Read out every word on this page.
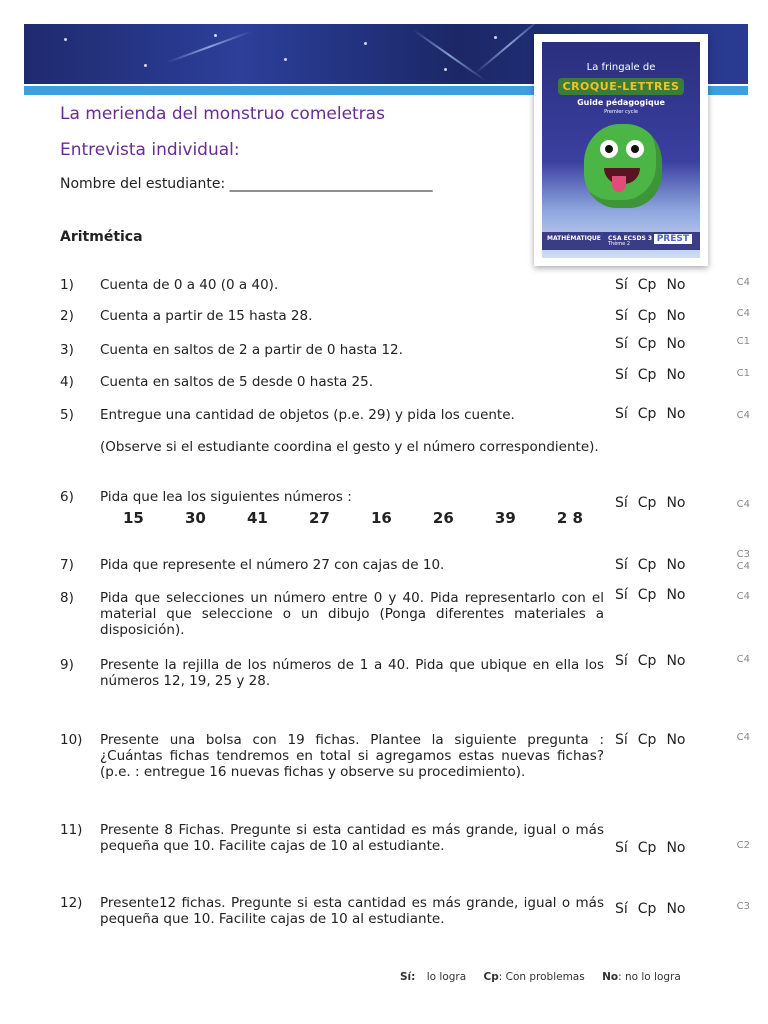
La fringale de
CROQUE-LETTRES
Guide pédagogique
Premier cycle
MATHÉMATIQUE CSA ECSDS 3
Thème 2	PREST
La merienda del monstruo comeletras
Entrevista individual:
Nombre del estudiante: _____________________________
Aritmética
1) Cuenta de 0 a 40 (0 a 40).	Sí Cp No	C4
2) Cuenta a partir de 15 hasta 28.	Sí Cp No	C4
3) Cuenta en saltos de 2 a partir de 0 hasta 12.	Sí Cp No	C1
4) Cuenta en saltos de 5 desde 0 hasta 25.	Sí Cp No	C1
5) Entregue una cantidad de objetos (p.e. 29) y pida los cuente.	Sí Cp No	C4
(Observe si el estudiante coordina el gesto y el número correspondiente).
6) Pida que lea los siguientes números :
15	30	41	27	16	26	39	2 8
Sí Cp No	C4
7) Pida que represente el número 27 con cajas de 10.	Sí Cp No
C3 C4
8) Pida que selecciones un número entre 0 y 40. Pida representarlo con el material que seleccione o un dibujo (Ponga diferentes materiales a disposición).
Sí Cp No	C4
9) Presente la rejilla de los números de 1 a 40. Pida que ubique en ella los números 12, 19, 25 y 28.
Sí Cp No	C4
10) Presente una bolsa con 19 fichas. Plantee la siguiente pregunta : ¿Cuántas fichas tendremos en total si agregamos estas nuevas fichas? (p.e. : entregue 16 nuevas fichas y observe su procedimiento).
Sí Cp No	C4
11) Presente 8 Fichas. Pregunte si esta cantidad es más grande, igual o más pequeña que 10. Facilite cajas de 10 al estudiante.	Sí Cp No	C2
12) Presente12 fichas. Pregunte si esta cantidad es más grande, igual o más pequeña que 10. Facilite cajas de 10 al estudiante.
Sí Cp No	C3
Sí: lo logra Cp: Con problemas No: no lo logra
